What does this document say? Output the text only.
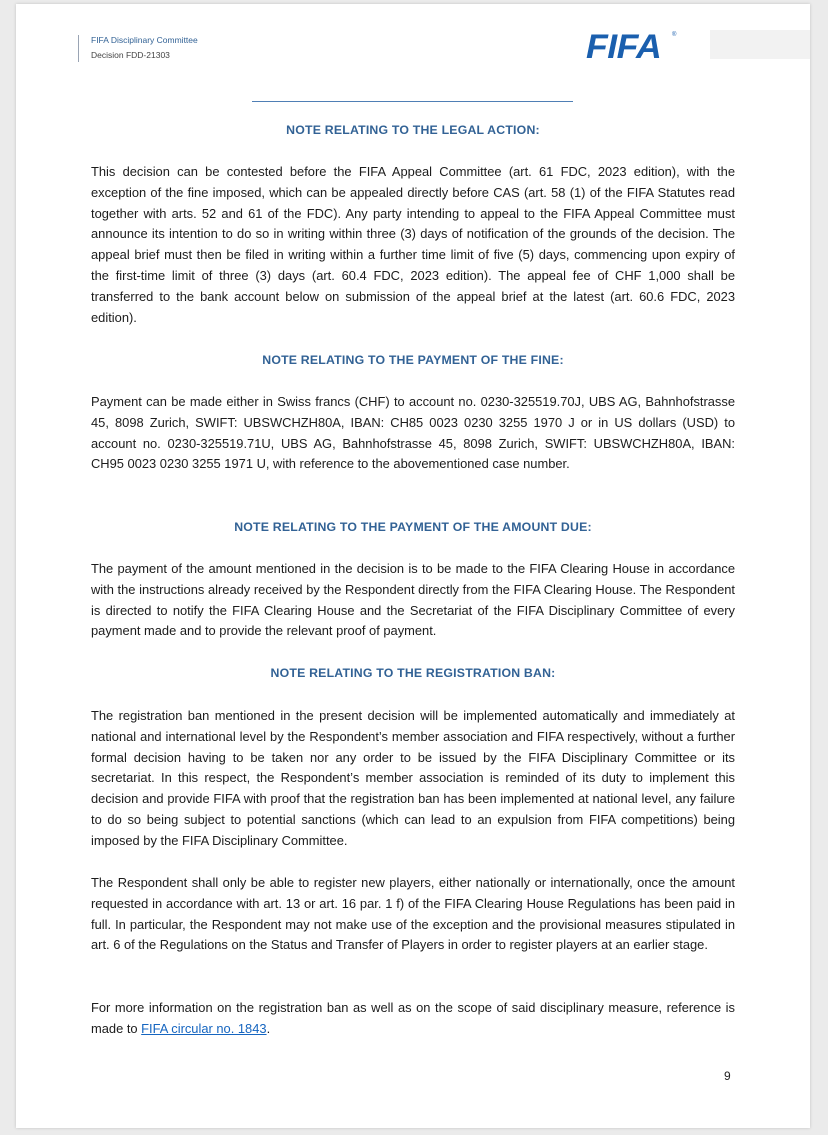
FIFA Disciplinary Committee
Decision FDD-21303	FIFA ®
NOTE RELATING TO THE LEGAL ACTION:
This decision can be contested before the FIFA Appeal Committee (art. 61 FDC, 2023 edition), with the exception of the fine imposed, which can be appealed directly before CAS (art. 58 (1) of the FIFA Statutes read together with arts. 52 and 61 of the FDC). Any party intending to appeal to the FIFA Appeal Committee must announce its intention to do so in writing within three (3) days of notification of the grounds of the decision. The appeal brief must then be filed in writing within a further time limit of five (5) days, commencing upon expiry of the first-time limit of three (3) days (art. 60.4 FDC, 2023 edition). The appeal fee of CHF 1,000 shall be transferred to the bank account below on submission of the appeal brief at the latest (art. 60.6 FDC, 2023 edition).
NOTE RELATING TO THE PAYMENT OF THE FINE:
Payment can be made either in Swiss francs (CHF) to account no. 0230-325519.70J, UBS AG, Bahnhofstrasse 45, 8098 Zurich, SWIFT: UBSWCHZH80A, IBAN: CH85 0023 0230 3255 1970 J or in US dollars (USD) to account no. 0230-325519.71U, UBS AG, Bahnhofstrasse 45, 8098 Zurich, SWIFT: UBSWCHZH80A, IBAN: CH95 0023 0230 3255 1971 U, with reference to the abovementioned case number.
NOTE RELATING TO THE PAYMENT OF THE AMOUNT DUE:
The payment of the amount mentioned in the decision is to be made to the FIFA Clearing House in accordance with the instructions already received by the Respondent directly from the FIFA Clearing House. The Respondent is directed to notify the FIFA Clearing House and the Secretariat of the FIFA Disciplinary Committee of every payment made and to provide the relevant proof of payment.
NOTE RELATING TO THE REGISTRATION BAN:
The registration ban mentioned in the present decision will be implemented automatically and immediately at national and international level by the Respondent’s member association and FIFA respectively, without a further formal decision having to be taken nor any order to be issued by the FIFA Disciplinary Committee or its secretariat. In this respect, the Respondent’s member association is reminded of its duty to implement this decision and provide FIFA with proof that the registration ban has been implemented at national level, any failure to do so being subject to potential sanctions (which can lead to an expulsion from FIFA competitions) being imposed by the FIFA Disciplinary Committee.
The Respondent shall only be able to register new players, either nationally or internationally, once the amount requested in accordance with art. 13 or art. 16 par. 1 f) of the FIFA Clearing House Regulations has been paid in full. In particular, the Respondent may not make use of the exception and the provisional measures stipulated in art. 6 of the Regulations on the Status and Transfer of Players in order to register players at an earlier stage.
For more information on the registration ban as well as on the scope of said disciplinary measure, reference is made to FIFA circular no. 1843.
9
